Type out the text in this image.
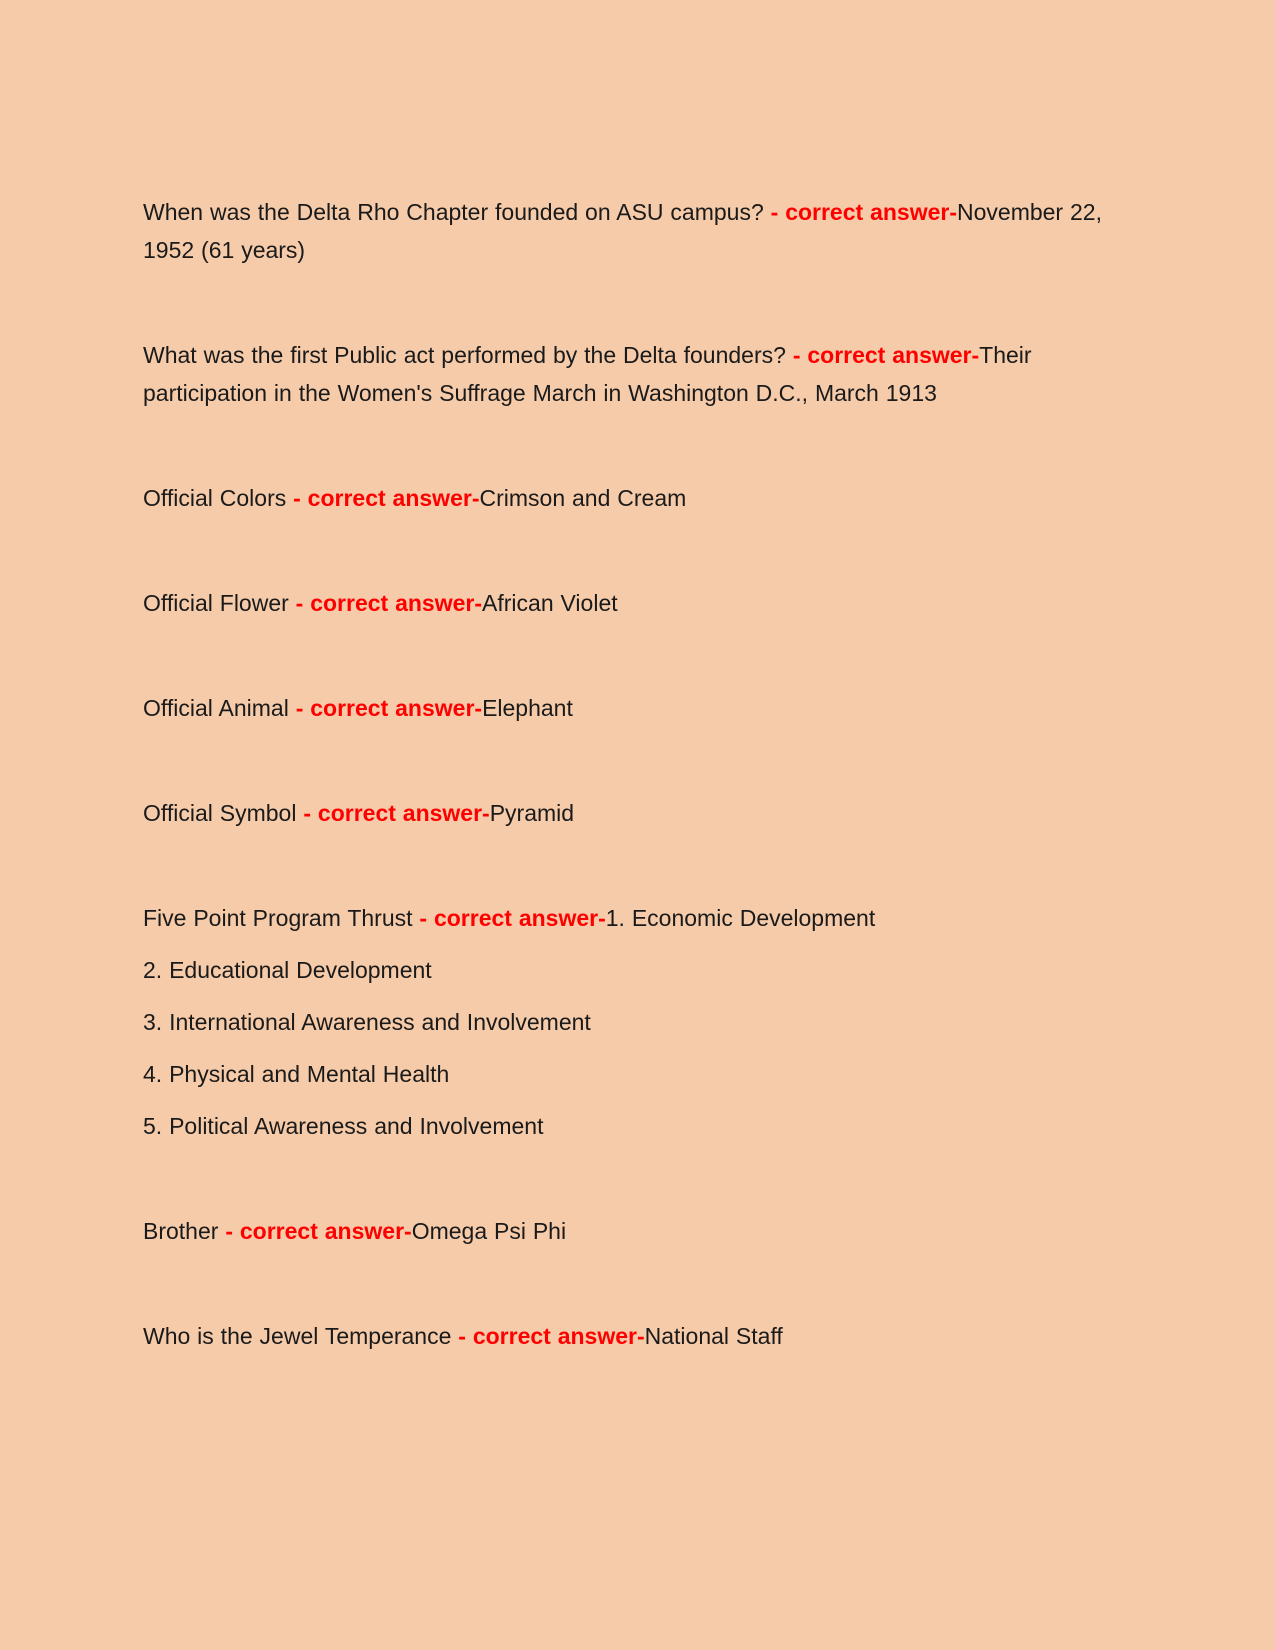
When was the Delta Rho Chapter founded on ASU campus? - correct answer-November 22, 1952 (61 years)

What was the first Public act performed by the Delta founders? - correct answer-Their participation in the Women's Suffrage March in Washington D.C., March 1913

Official Colors - correct answer-Crimson and Cream

Official Flower - correct answer-African Violet

Official Animal - correct answer-Elephant

Official Symbol - correct answer-Pyramid

Five Point Program Thrust - correct answer-1. Economic Development

2. Educational Development

3. International Awareness and Involvement

4. Physical and Mental Health

5. Political Awareness and Involvement

Brother - correct answer-Omega Psi Phi

Who is the Jewel Temperance - correct answer-National Staff
